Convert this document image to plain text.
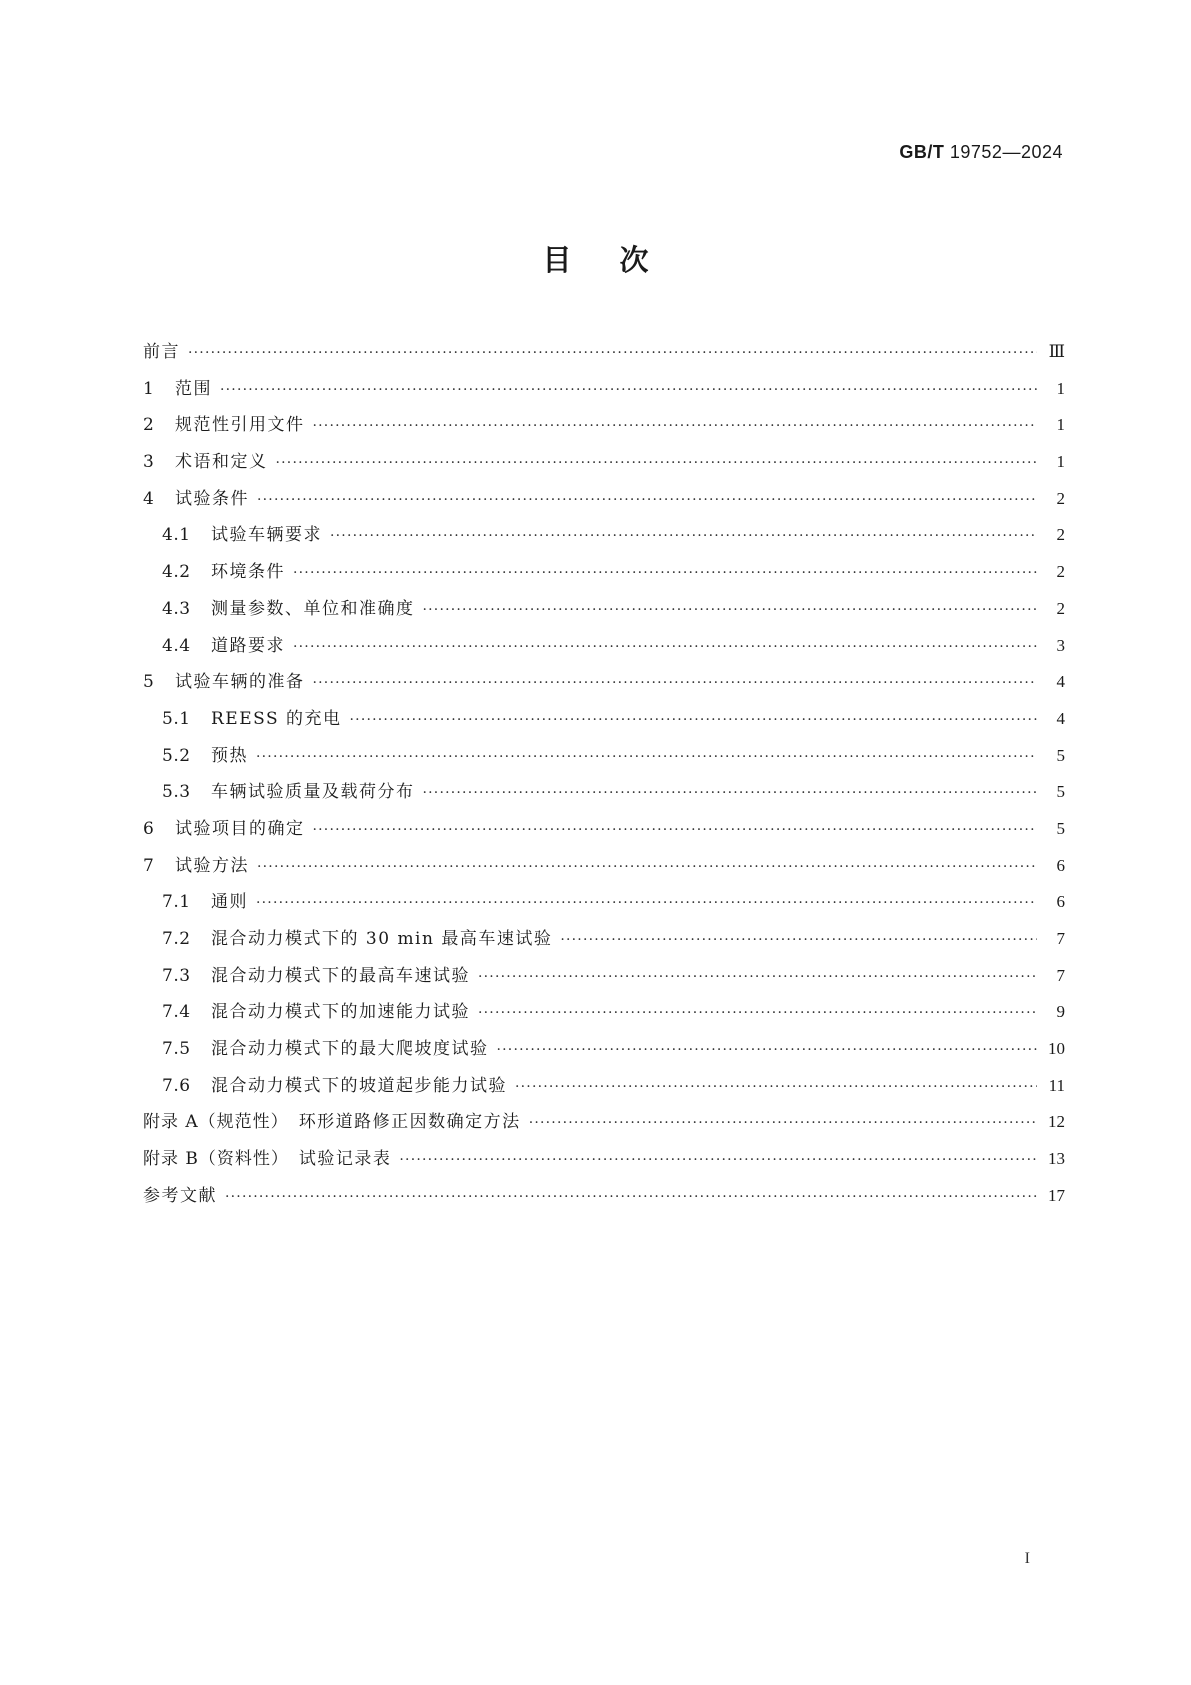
GB/T 19752—2024
目次
前言 ·····	Ⅲ
1	范围 ·····	1
2	规范性引用文件 ·····	1
3	术语和定义 ·····	1
4	试验条件 ·····	2
4.1	试验车辆要求 ·····	2
4.2	环境条件 ·····	2
4.3	测量参数、单位和准确度 ·····	2
4.4	道路要求 ·····	3
5	试验车辆的准备 ·····	4
5.1	REESS 的充电 ·····	4
5.2	预热 ·····	5
5.3	车辆试验质量及载荷分布 ·····	5
6	试验项目的确定 ·····	5
7	试验方法 ·····	6
7.1	通则 ·····	6
7.2	混合动力模式下的 30 min 最高车速试验 ·····	7
7.3	混合动力模式下的最高车速试验 ·····	7
7.4	混合动力模式下的加速能力试验 ·····	9
7.5	混合动力模式下的最大爬坡度试验 ·····	10
7.6	混合动力模式下的坡道起步能力试验 ·····	11
附录 A（规范性） 环形道路修正因数确定方法 ·····	12
附录 B（资料性） 试验记录表 ·····	13
参考文献 ·····	17
I
